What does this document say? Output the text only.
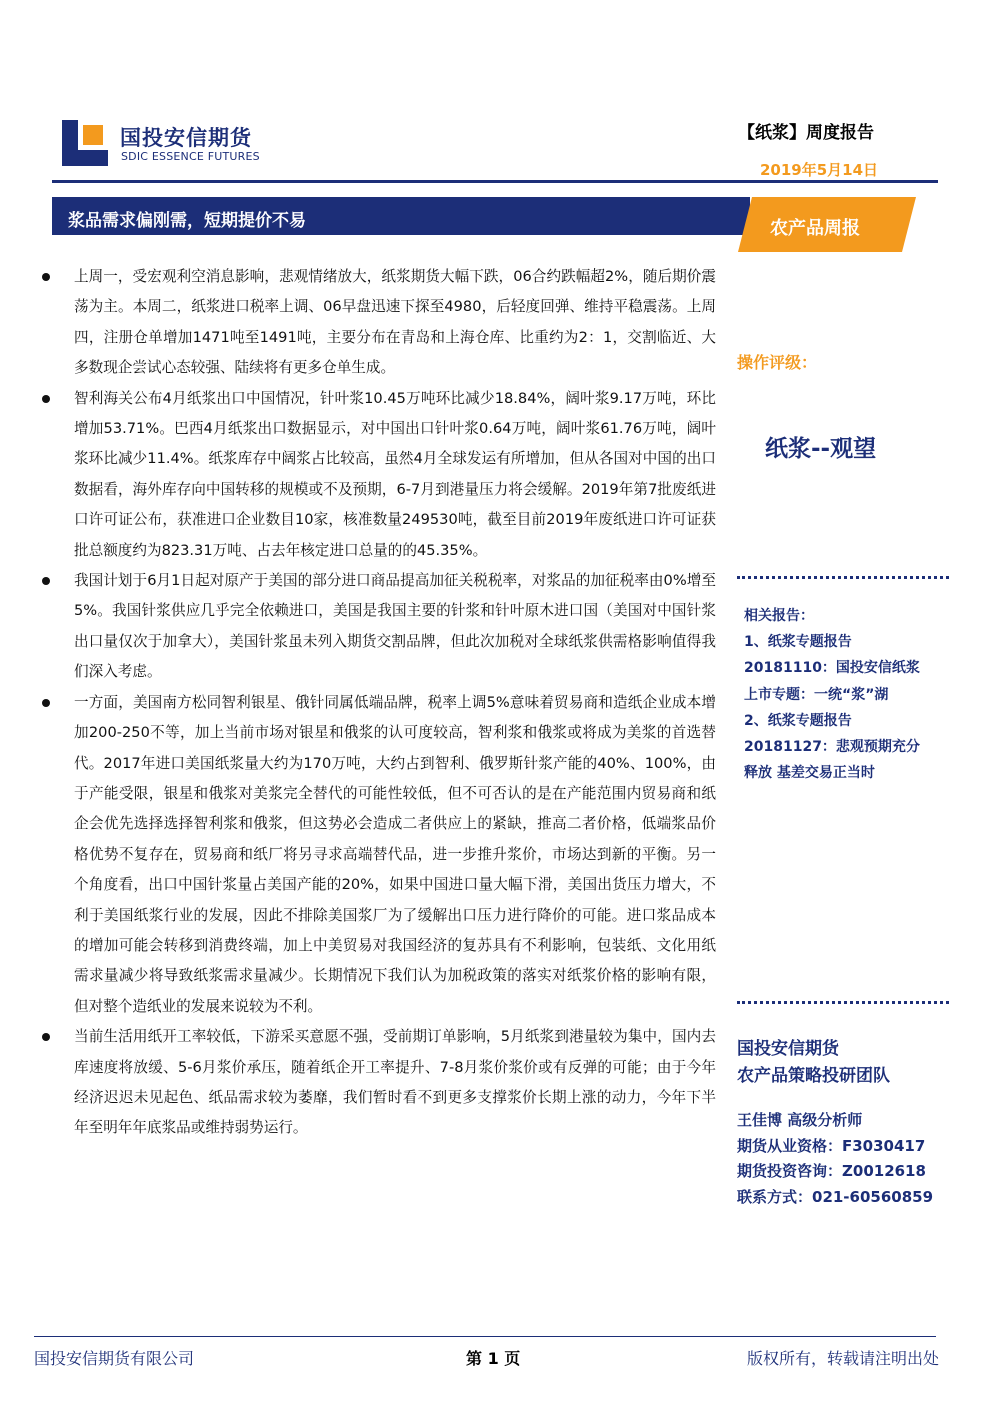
国投安信期货
SDIC ESSENCE FUTURES
【纸浆】周度报告
2019年5月14日
浆品需求偏刚需，短期提价不易	农产品周报
上周一，受宏观利空消息影响，悲观情绪放大，纸浆期货大幅下跌，06合约跌幅超2%，随后期价震荡为主。本周二，纸浆进口税率上调、06早盘迅速下探至4980，后轻度回弹、维持平稳震荡。上周四，注册仓单增加1471吨至1491吨，主要分布在青岛和上海仓库、比重约为2：1，交割临近、大多数现企尝试心态较强、陆续将有更多仓单生成。
智利海关公布4月纸浆出口中国情况，针叶浆10.45万吨环比减少18.84%，阔叶浆9.17万吨，环比增加53.71%。巴西4月纸浆出口数据显示，对中国出口针叶浆0.64万吨，阔叶浆61.76万吨，阔叶浆环比减少11.4%。纸浆库存中阔浆占比较高，虽然4月全球发运有所增加，但从各国对中国的出口数据看，海外库存向中国转移的规模或不及预期，6-7月到港量压力将会缓解。2019年第7批废纸进口许可证公布，获准进口企业数目10家，核准数量249530吨，截至目前2019年废纸进口许可证获批总额度约为823.31万吨、占去年核定进口总量的的45.35%。
我国计划于6月1日起对原产于美国的部分进口商品提高加征关税税率，对浆品的加征税率由0%增至5%。我国针浆供应几乎完全依赖进口，美国是我国主要的针浆和针叶原木进口国（美国对中国针浆出口量仅次于加拿大），美国针浆虽未列入期货交割品牌，但此次加税对全球纸浆供需格影响值得我们深入考虑。
一方面，美国南方松同智利银星、俄针同属低端品牌，税率上调5%意味着贸易商和造纸企业成本增加200-250不等，加上当前市场对银星和俄浆的认可度较高，智利浆和俄浆或将成为美浆的首选替代。2017年进口美国纸浆量大约为170万吨，大约占到智利、俄罗斯针浆产能的40%、100%，由于产能受限，银星和俄浆对美浆完全替代的可能性较低，但不可否认的是在产能范围内贸易商和纸企会优先选择选择智利浆和俄浆，但这势必会造成二者供应上的紧缺，推高二者价格，低端浆品价格优势不复存在，贸易商和纸厂将另寻求高端替代品，进一步推升浆价，市场达到新的平衡。另一个角度看，出口中国针浆量占美国产能的20%，如果中国进口量大幅下滑，美国出货压力增大，不利于美国纸浆行业的发展，因此不排除美国浆厂为了缓解出口压力进行降价的可能。进口浆品成本的增加可能会转移到消费终端，加上中美贸易对我国经济的复苏具有不利影响，包装纸、文化用纸需求量减少将导致纸浆需求量减少。长期情况下我们认为加税政策的落实对纸浆价格的影响有限，但对整个造纸业的发展来说较为不利。
当前生活用纸开工率较低，下游采买意愿不强，受前期订单影响，5月纸浆到港量较为集中，国内去库速度将放缓、5-6月浆价承压，随着纸企开工率提升、7-8月浆价浆价或有反弹的可能；由于今年经济迟迟未见起色、纸品需求较为萎靡，我们暂时看不到更多支撑浆价长期上涨的动力，今年下半年至明年年底浆品或维持弱势运行。
操作评级：
纸浆--观望
相关报告：
1、纸浆专题报告
20181110：国投安信纸浆
上市专题：一统“浆”湖
2、纸浆专题报告
20181127：悲观预期充分
释放 基差交易正当时
国投安信期货
农产品策略投研团队
王佳博 高级分析师
期货从业资格：F3030417
期货投资咨询：Z0012618
联系方式：021-60560859
国投安信期货有限公司	第 1 页	版权所有，转载请注明出处
